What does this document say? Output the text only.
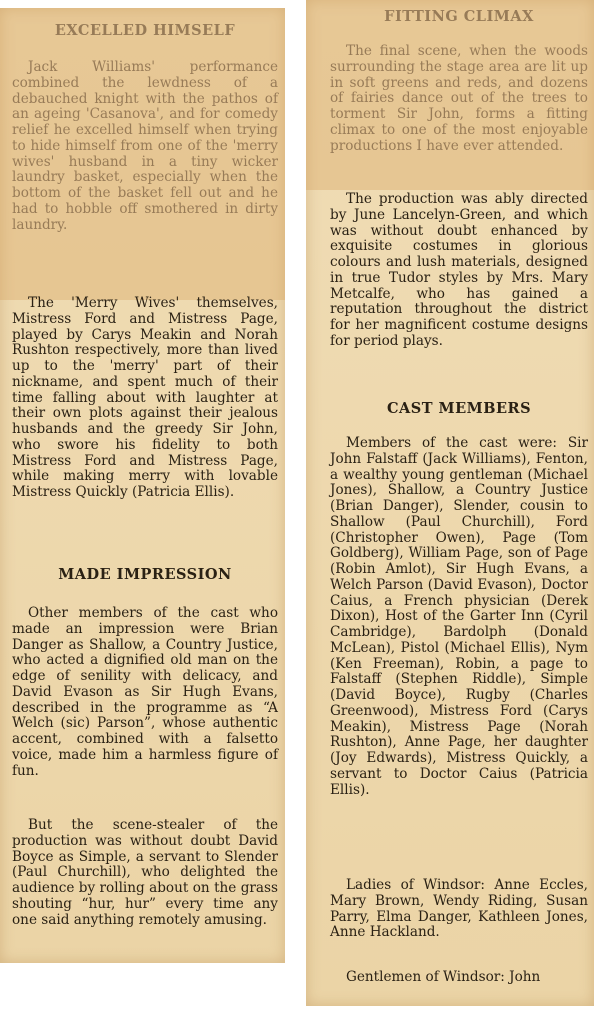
EXCELLED HIMSELF

Jack Williams' performance combined the lewdness of a debauched knight with the pathos of an ageing 'Casanova', and for comedy relief he excelled himself when trying to hide himself from one of the 'merry wives' husband in a tiny wicker laundry basket, especially when the bottom of the basket fell out and he had to hobble off smothered in dirty laundry.

The 'Merry Wives' themselves, Mistress Ford and Mistress Page, played by Carys Meakin and Norah Rushton respectively, more than lived up to the 'merry' part of their nickname, and spent much of their time falling about with laughter at their own plots against their jealous husbands and the greedy Sir John, who swore his fidelity to both Mistress Ford and Mistress Page, while making merry with lovable Mistress Quickly (Patricia Ellis).

MADE IMPRESSION

Other members of the cast who made an impression were Brian Danger as Shallow, a Country Justice, who acted a dignified old man on the edge of senility with delicacy, and David Evason as Sir Hugh Evans, described in the programme as “A Welch (sic) Parson”, whose authentic accent, combined with a falsetto voice, made him a harmless figure of fun.

But the scene-stealer of the production was without doubt David Boyce as Simple, a servant to Slender (Paul Churchill), who delighted the audience by rolling about on the grass shouting “hur, hur” every time any one said anything remotely amusing.

FITTING CLIMAX

The final scene, when the woods surrounding the stage area are lit up in soft greens and reds, and dozens of fairies dance out of the trees to torment Sir John, forms a fitting climax to one of the most enjoyable productions I have ever attended.

The production was ably directed by June Lancelyn-Green, and which was without doubt enhanced by exquisite costumes in glorious colours and lush materials, designed in true Tudor styles by Mrs. Mary Metcalfe, who has gained a reputation throughout the district for her magnificent costume designs for period plays.

CAST MEMBERS

Members of the cast were: Sir John Falstaff (Jack Williams), Fenton, a wealthy young gentleman (Michael Jones), Shallow, a Country Justice (Brian Danger), Slender, cousin to Shallow (Paul Churchill), Ford (Christopher Owen), Page (Tom Goldberg), William Page, son of Page (Robin Amlot), Sir Hugh Evans, a Welch Parson (David Evason), Doctor Caius, a French physician (Derek Dixon), Host of the Garter Inn (Cyril Cambridge), Bardolph (Donald McLean), Pistol (Michael Ellis), Nym (Ken Freeman), Robin, a page to Falstaff (Stephen Riddle), Simple (David Boyce), Rugby (Charles Greenwood), Mistress Ford (Carys Meakin), Mistress Page (Norah Rushton), Anne Page, her daughter (Joy Edwards), Mistress Quickly, a servant to Doctor Caius (Patricia Ellis).

Ladies of Windsor: Anne Eccles, Mary Brown, Wendy Riding, Susan Parry, Elma Danger, Kathleen Jones, Anne Hackland.

Gentlemen of Windsor: John
